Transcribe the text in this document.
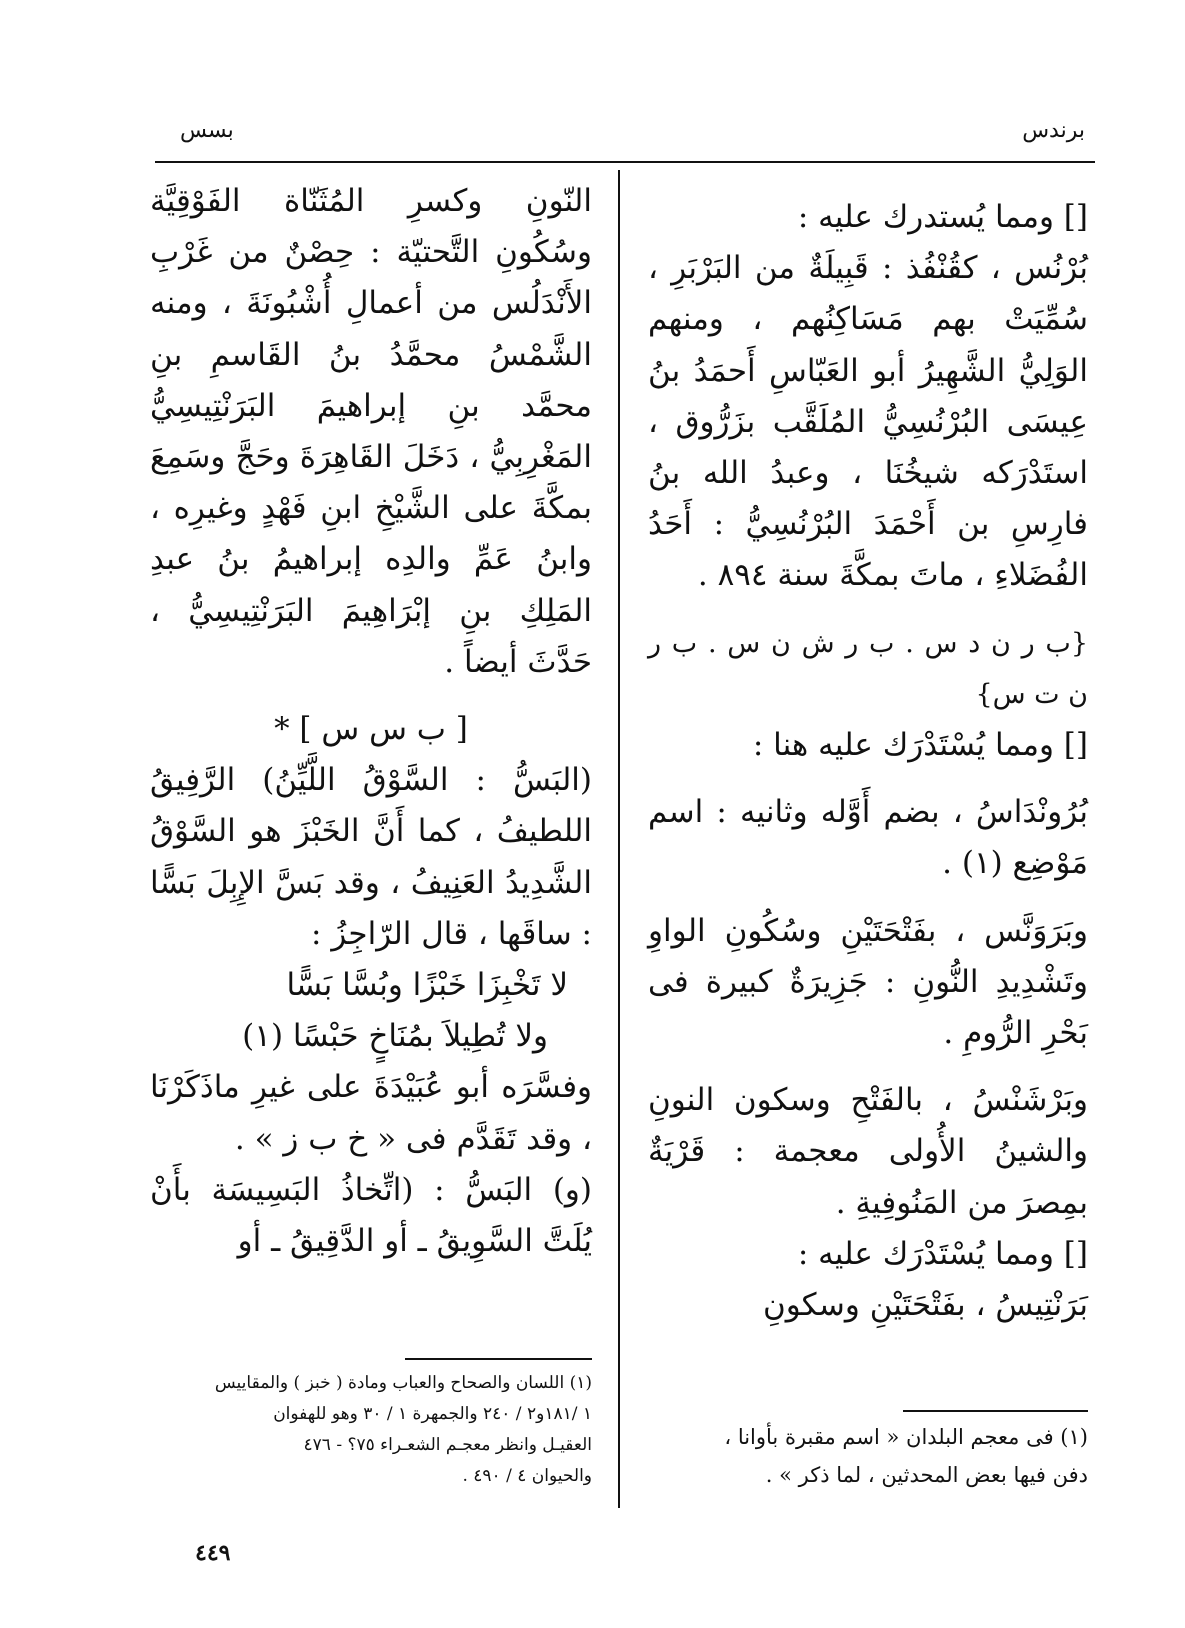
برندس
بسس

[] ومما يُستدرك عليه :

بُرْنُس ، كقُنْفُذ : قَبِيلَةٌ من البَرْبَرِ ، سُمِّيَتْ بهم مَسَاكِنُهم ، ومنهم الوَلِيُّ الشَّهِيرُ أبو العَبّاسِ أَحمَدُ بنُ عِيسَى البُرْنُسِيُّ المُلَقَّب بزَرُّوق ، استَدْرَكه شيخُنَا ، وعبدُ الله بنُ فارِسِ بن أَحْمَدَ البُرْنُسِيُّ : أَحَدُ الفُضَلاءِ ، ماتَ بمكَّةَ سنة ٨٩٤ .

{ب ر ن د س . ب ر ش ن س . ب ر ن ت س}

[] ومما يُسْتَدْرَك عليه هنا :

بُرُونْدَاسُ ، بضم أَوَّله وثانيه : اسم مَوْضِع (١) .

وبَرَوَنَّس ، بفَتْحَتَيْنِ وسُكُونِ الواوِ وتَشْدِيدِ النُّونِ : جَزِيرَةٌ كبيرة فى بَحْرِ الرُّومِ .

وبَرْشَنْسُ ، بالفَتْحِ وسكون النونِ والشينُ الأُولى معجمة : قَرْيَةٌ بمِصرَ من المَنُوفِيةِ .

[] ومما يُسْتَدْرَك عليه :

بَرَنْتِيسُ ، بفَتْحَتَيْنِ وسكونِ

النّونِ وكسرِ المُثَنّاة الفَوْقِيَّة وسُكُونِ التَّحتيّة : حِصْنٌ من غَرْبِ الأَنْدَلُس من أعمالِ أُشْبُونَةَ ، ومنه الشَّمْسُ محمَّدُ بنُ القَاسمِ بنِ محمَّد بنِ إبراهيمَ البَرَنْتِيسِيُّ المَغْرِبِيُّ ، دَخَلَ القَاهِرَةَ وحَجَّ وسَمِعَ بمكَّةَ على الشَّيْخِ ابنِ فَهْدٍ وغيرِه ، وابنُ عَمِّ والدِه إبراهيمُ بنُ عبدِ المَلِكِ بنِ إبْرَاهِيمَ البَرَنْتِيسِيُّ ، حَدَّثَ أيضاً .

[ ب س س ] *

(البَسُّ : السَّوْقُ اللَّيِّنُ) الرَّفِيقُ اللطيفُ ، كما أَنَّ الخَبْزَ هو السَّوْقُ الشَّدِيدُ العَنِيفُ ، وقد بَسَّ الإِبِلَ بَسًّا : ساقَها ، قال الرّاجِزُ :

لا تَخْبِزَا خَبْزًا وبُسَّا بَسًّا

ولا تُطِيلاَ بمُنَاخٍ حَبْسًا (١)

وفسَّرَه أبو عُبَيْدَةَ على غيرِ ماذَكَرْنَا ، وقد تَقَدَّم فى « خ ب ز » .

(و) البَسُّ : (اتِّخاذُ البَسِيسَة بأَنْ يُلَتَّ السَّوِيقُ ـ أو الدَّقِيقُ ـ أو

(١) اللسان والصحاح والعباب ومادة ( خبز ) والمقاييس

١ /١٨١و٢ / ٢٤٠ والجمهرة ١ / ٣٠ وهو للهفوان

العقيـل وانظر معجـم الشعـراء ٧٥؟ - ٤٧٦

والحيوان ٤ / ٤٩٠ .

(١) فى معجم البلدان « اسم مقبرة بأوانا ،

دفن فيها بعض المحدثين ، لما ذكر » .

٤٤٩
